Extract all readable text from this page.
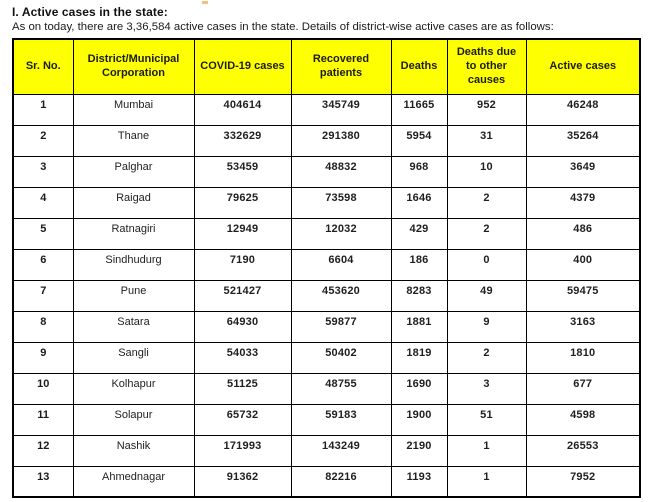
I. Active cases in the state:
As on today, there are 3,36,584 active cases in the state. Details of district-wise active cases are as follows:
Sr. No.	District/Municipal Corporation	COVID-19 cases	Recovered patients	Deaths	Deaths due to other causes	Active cases
1	Mumbai	404614	345749	11665	952	46248
2	Thane	332629	291380	5954	31	35264
3	Palghar	53459	48832	968	10	3649
4	Raigad	79625	73598	1646	2	4379
5	Ratnagiri	12949	12032	429	2	486
6	Sindhudurg	7190	6604	186	0	400
7	Pune	521427	453620	8283	49	59475
8	Satara	64930	59877	1881	9	3163
9	Sangli	54033	50402	1819	2	1810
10	Kolhapur	51125	48755	1690	3	677
11	Solapur	65732	59183	1900	51	4598
12	Nashik	171993	143249	2190	1	26553
13	Ahmednagar	91362	82216	1193	1	7952
